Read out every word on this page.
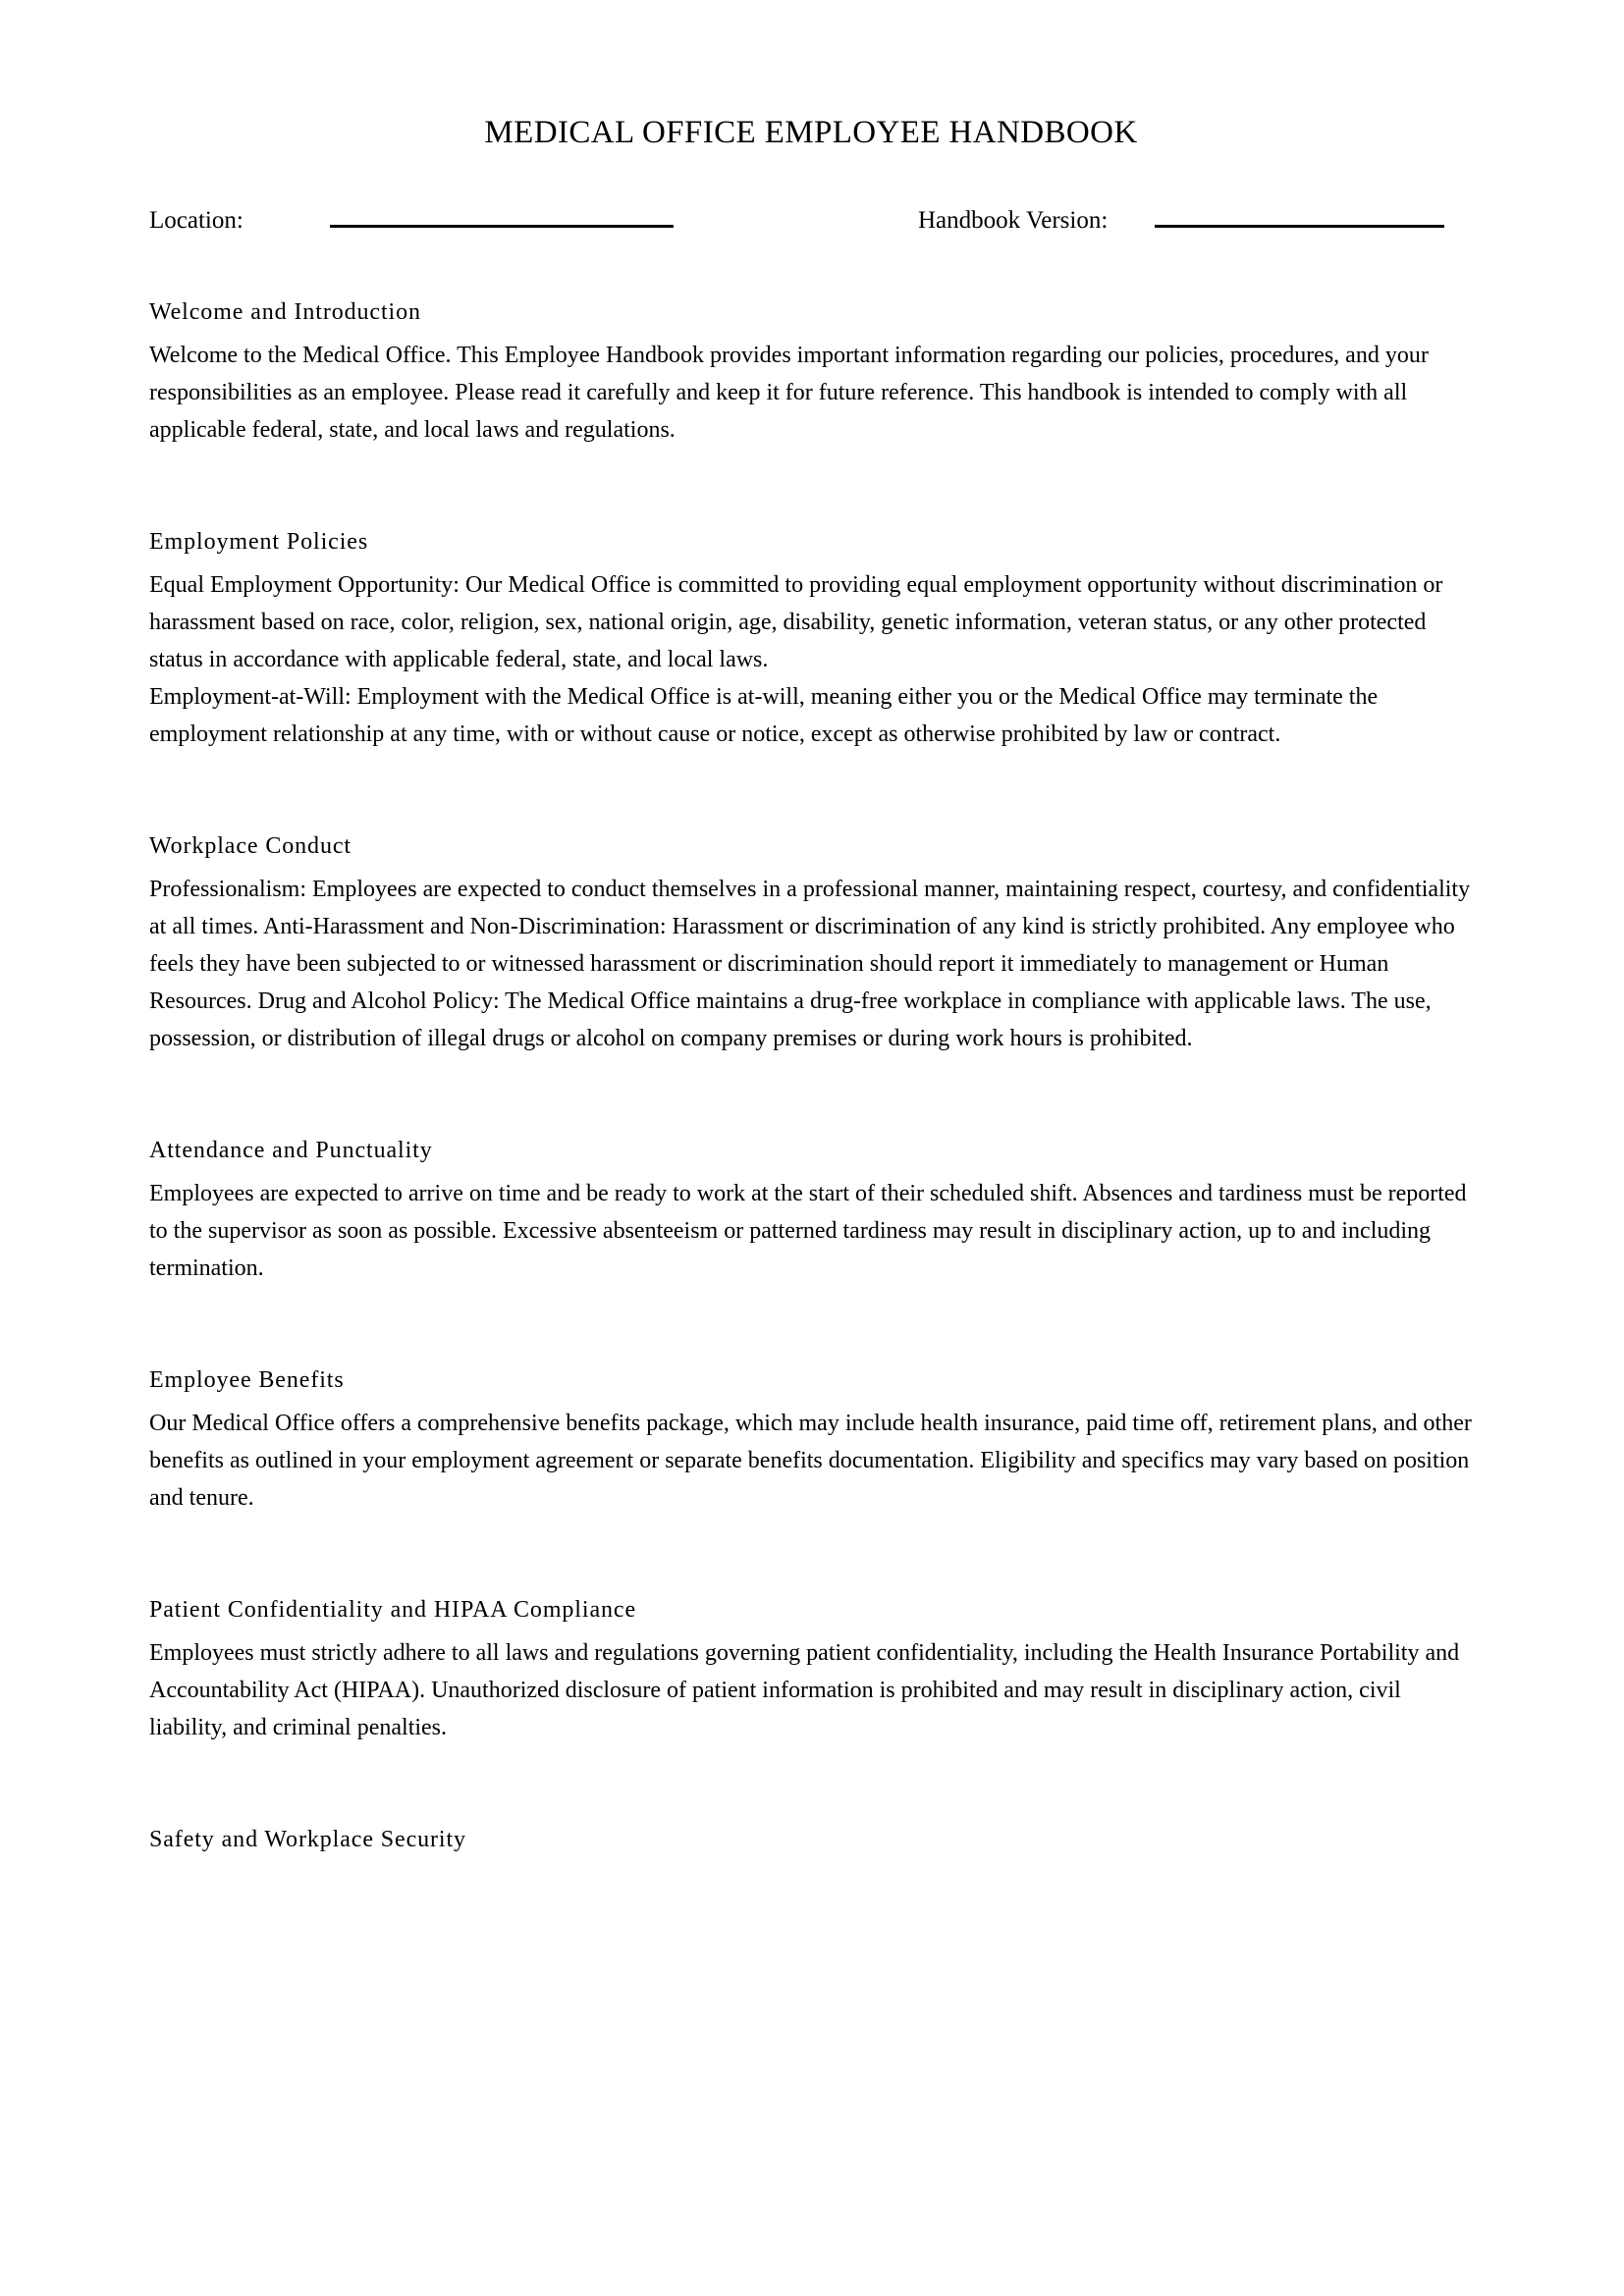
MEDICAL OFFICE EMPLOYEE HANDBOOK
Location:	Handbook Version:
Welcome and Introduction

Welcome to the Medical Office. This Employee Handbook provides important information regarding our policies, procedures, and your responsibilities as an employee. Please read it carefully and keep it for future reference. This handbook is intended to comply with all applicable federal, state, and local laws and regulations.

Employment Policies

Equal Employment Opportunity: Our Medical Office is committed to providing equal employment opportunity without discrimination or harassment based on race, color, religion, sex, national origin, age, disability, genetic information, veteran status, or any other protected status in accordance with applicable federal, state, and local laws.

Employment-at-Will: Employment with the Medical Office is at-will, meaning either you or the Medical Office may terminate the employment relationship at any time, with or without cause or notice, except as otherwise prohibited by law or contract.

Workplace Conduct

Professionalism: Employees are expected to conduct themselves in a professional manner, maintaining respect, courtesy, and confidentiality at all times. Anti-Harassment and Non-Discrimination: Harassment or discrimination of any kind is strictly prohibited. Any employee who feels they have been subjected to or witnessed harassment or discrimination should report it immediately to management or Human Resources. Drug and Alcohol Policy: The Medical Office maintains a drug-free workplace in compliance with applicable laws. The use, possession, or distribution of illegal drugs or alcohol on company premises or during work hours is prohibited.

Attendance and Punctuality

Employees are expected to arrive on time and be ready to work at the start of their scheduled shift. Absences and tardiness must be reported to the supervisor as soon as possible. Excessive absenteeism or patterned tardiness may result in disciplinary action, up to and including termination.

Employee Benefits

Our Medical Office offers a comprehensive benefits package, which may include health insurance, paid time off, retirement plans, and other benefits as outlined in your employment agreement or separate benefits documentation. Eligibility and specifics may vary based on position and tenure.

Patient Confidentiality and HIPAA Compliance

Employees must strictly adhere to all laws and regulations governing patient confidentiality, including the Health Insurance Portability and Accountability Act (HIPAA). Unauthorized disclosure of patient information is prohibited and may result in disciplinary action, civil liability, and criminal penalties.

Safety and Workplace Security
